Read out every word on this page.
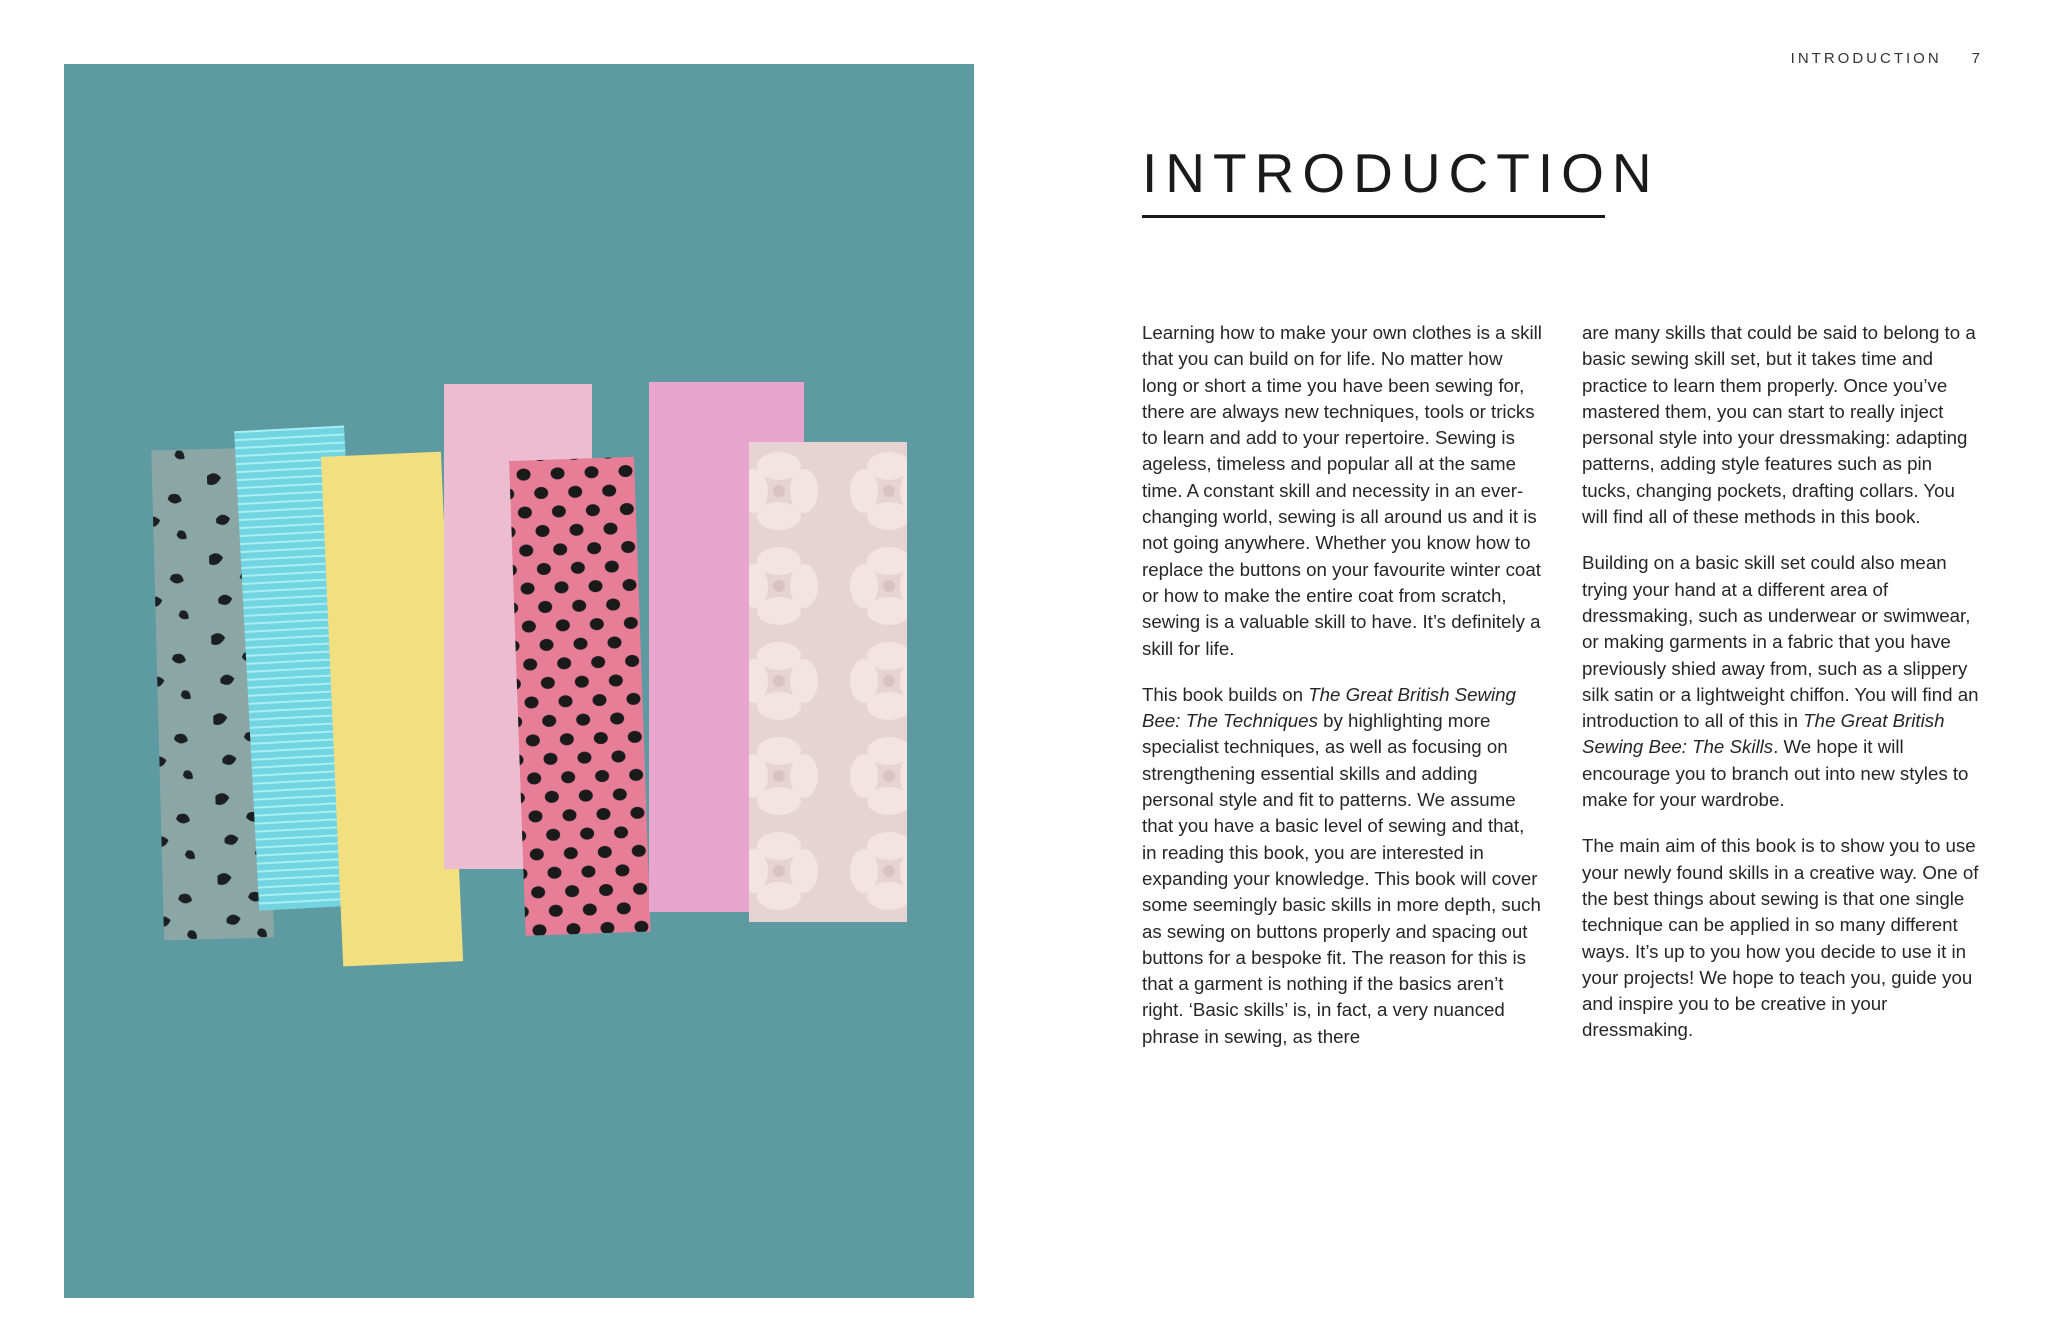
INTRODUCTION 7
INTRODUCTION

Learning how to make your own clothes is a skill that you can build on for life. No matter how long or short a time you have been sewing for, there are always new techniques, tools or tricks to learn and add to your repertoire. Sewing is ageless, timeless and popular all at the same time. A constant skill and necessity in an ever-changing world, sewing is all around us and it is not going anywhere. Whether you know how to replace the buttons on your favourite winter coat or how to make the entire coat from scratch, sewing is a valuable skill to have. It’s definitely a skill for life.

This book builds on The Great British Sewing Bee: The Techniques by highlighting more specialist techniques, as well as focusing on strengthening essential skills and adding personal style and fit to patterns. We assume that you have a basic level of sewing and that, in reading this book, you are interested in expanding your knowledge. This book will cover some seemingly basic skills in more depth, such as sewing on buttons properly and spacing out buttons for a bespoke fit. The reason for this is that a garment is nothing if the basics aren’t right. ‘Basic skills’ is, in fact, a very nuanced phrase in sewing, as there

are many skills that could be said to belong to a basic sewing skill set, but it takes time and practice to learn them properly. Once you’ve mastered them, you can start to really inject personal style into your dressmaking: adapting patterns, adding style features such as pin tucks, changing pockets, drafting collars. You will find all of these methods in this book.

Building on a basic skill set could also mean trying your hand at a different area of dressmaking, such as underwear or swimwear, or making garments in a fabric that you have previously shied away from, such as a slippery silk satin or a lightweight chiffon. You will find an introduction to all of this in The Great British Sewing Bee: The Skills. We hope it will encourage you to branch out into new styles to make for your wardrobe.

The main aim of this book is to show you to use your newly found skills in a creative way. One of the best things about sewing is that one single technique can be applied in so many different ways. It’s up to you how you decide to use it in your projects! We hope to teach you, guide you and inspire you to be creative in your dressmaking.
